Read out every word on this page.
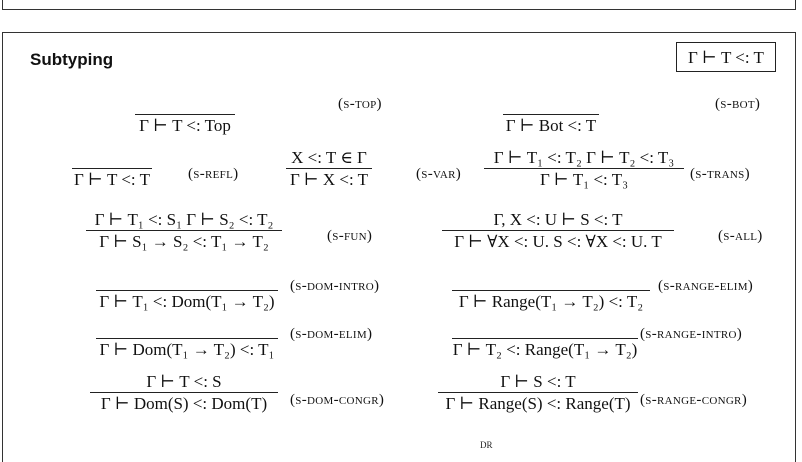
Subtyping	Γ ⊢ T <: T
Γ ⊢ T <: Top
(s-top)
Γ ⊢ Bot <: T
(s-bot)
Γ ⊢ T <: T	(s-refl)
X <: T ∈ Γ
Γ ⊢ X <: T	(s-var)
Γ ⊢ T₁ <: T₂ Γ ⊢ T₂ <: T₃
Γ ⊢ T₁ <: T₃	(s-trans)
Γ ⊢ T₁ <: S₁ Γ ⊢ S₂ <: T₂
Γ ⊢ S₁ → S₂ <: T₁ → T₂	(s-fun)
Γ, X <: U ⊢ S <: T
Γ ⊢ ∀X <: U. S <: ∀X <: U. T	(s-all)
Γ ⊢ T₁ <: Dom(T₁ → T₂)
(s-dom-intro)
Γ ⊢ Range(T₁ → T₂) <: T₂
(s-range-elim)
Γ ⊢ Dom(T₁ → T₂) <: T₁
(s-dom-elim)
Γ ⊢ T₂ <: Range(T₁ → T₂)
(s-range-intro)
Γ ⊢ T <: S
Γ ⊢ Dom(S) <: Dom(T) (s-dom-congr)
Γ ⊢ S <: T
Γ ⊢ Range(S) <: Range(T) (s-range-congr)
DR
